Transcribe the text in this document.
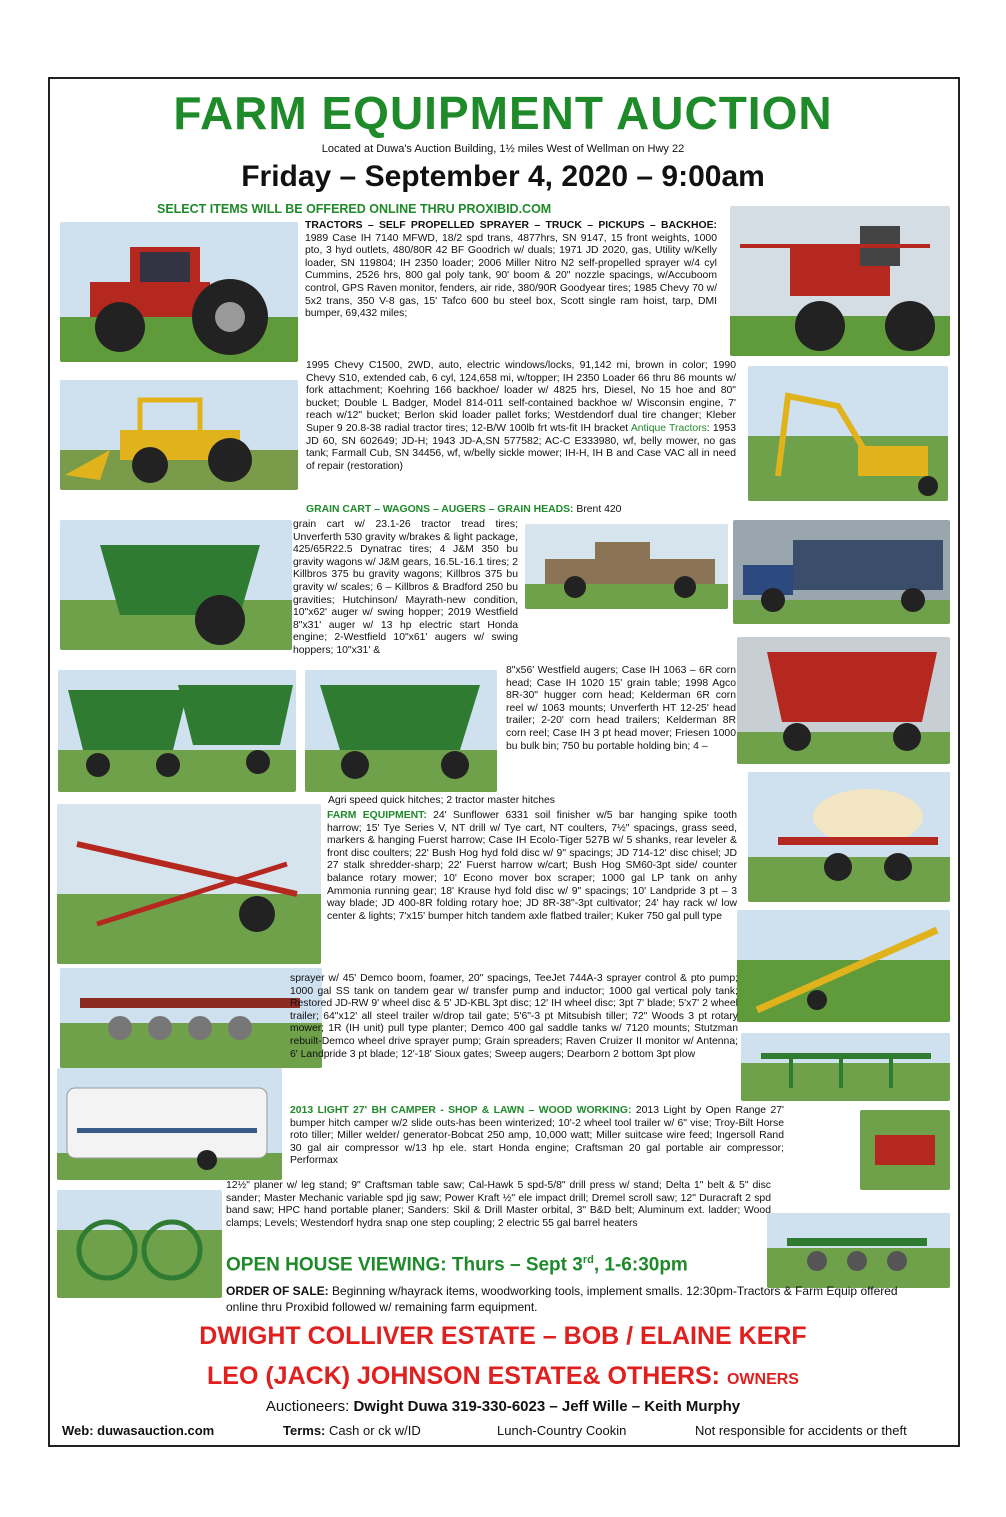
FARM EQUIPMENT AUCTION
Located at Duwa's Auction Building, 1½ miles West of Wellman on Hwy 22
Friday – September 4, 2020 – 9:00am
SELECT ITEMS WILL BE OFFERED ONLINE THRU PROXIBID.COM
TRACTORS – SELF PROPELLED SPRAYER – TRUCK – PICKUPS – BACKHOE: 1989 Case IH 7140 MFWD, 18/2 spd trans, 4877hrs, SN 9147, 15 front weights, 1000 pto, 3 hyd outlets, 480/80R 42 BF Goodrich w/ duals; 1971 JD 2020, gas, Utility w/Kelly loader, SN 119804; IH 2350 loader; 2006 Miller Nitro N2 self-propelled sprayer w/4 cyl Cummins, 2526 hrs, 800 gal poly tank, 90' boom & 20" nozzle spacings, w/Accuboom control, GPS Raven monitor, fenders, air ride, 380/90R Goodyear tires; 1985 Chevy 70 w/ 5x2 trans, 350 V-8 gas, 15' Tafco 600 bu steel box, Scott single ram hoist, tarp, DMI bumper, 69,432 miles;
1995 Chevy C1500, 2WD, auto, electric windows/locks, 91,142 mi, brown in color; 1990 Chevy S10, extended cab, 6 cyl, 124,658 mi, w/topper; IH 2350 Loader 66 thru 86 mounts w/ fork attachment; Koehring 166 backhoe/ loader w/ 4825 hrs, Diesel, No 15 hoe and 80" bucket; Double L Badger, Model 814-011 self-contained backhoe w/ Wisconsin engine, 7' reach w/12" bucket; Berlon skid loader pallet forks; Westdendorf dual tire changer; Kleber Super 9 20.8-38 radial tractor tires; 12-B/W 100lb frt wts-fit IH bracket Antique Tractors: 1953 JD 60, SN 602649; JD-H; 1943 JD-A,SN 577582; AC-C E333980, wf, belly mower, no gas tank; Farmall Cub, SN 34456, wf, w/belly sickle mower; IH-H, IH B and Case VAC all in need of repair (restoration)
GRAIN CART – WAGONS – AUGERS – GRAIN HEADS: Brent 420
grain cart w/ 23.1-26 tractor tread tires; Unverferth 530 gravity w/brakes & light package, 425/65R22.5 Dynatrac tires; 4 J&M 350 bu gravity wagons w/ J&M gears, 16.5L-16.1 tires; 2 Killbros 375 bu gravity wagons; Killbros 375 bu gravity w/ scales; 6 – Killbros & Bradford 250 bu gravities; Hutchinson/ Mayrath-new condition, 10"x62' auger w/ swing hopper; 2019 Westfield 8"x31' auger w/ 13 hp electric start Honda engine; 2-Westfield 10"x61' augers w/ swing hoppers; 10"x31' &
8"x56' Westfield augers; Case IH 1063 – 6R corn head; Case IH 1020 15' grain table; 1998 Agco 8R-30" hugger corn head; Kelderman 6R corn reel w/ 1063 mounts; Unverferth HT 12-25' head trailer; 2-20' corn head trailers; Kelderman 8R corn reel; Case IH 3 pt head mover; Friesen 1000 bu bulk bin; 750 bu portable holding bin; 4 –
Agri speed quick hitches; 2 tractor master hitches
FARM EQUIPMENT: 24' Sunflower 6331 soil finisher w/5 bar hanging spike tooth harrow; 15' Tye Series V, NT drill w/ Tye cart, NT coulters, 7½" spacings, grass seed, markers & hanging Fuerst harrow; Case IH Ecolo-Tiger 527B w/ 5 shanks, rear leveler & front disc coulters; 22' Bush Hog hyd fold disc w/ 9" spacings; JD 714-12' disc chisel; JD 27 stalk shredder-sharp; 22' Fuerst harrow w/cart; Bush Hog SM60-3pt side/ counter balance rotary mower; 10' Econo mover box scraper; 1000 gal LP tank on anhy Ammonia running gear; 18' Krause hyd fold disc w/ 9" spacings; 10' Landpride 3 pt – 3 way blade; JD 400-8R folding rotary hoe; JD 8R-38"-3pt cultivator; 24' hay rack w/ low center & lights; 7'x15' bumper hitch tandem axle flatbed trailer; Kuker 750 gal pull type
sprayer w/ 45' Demco boom, foamer, 20" spacings, TeeJet 744A-3 sprayer control & pto pump; 1000 gal SS tank on tandem gear w/ transfer pump and inductor; 1000 gal vertical poly tank; Restored JD-RW 9' wheel disc & 5' JD-KBL 3pt disc; 12' IH wheel disc; 3pt 7' blade; 5'x7' 2 wheel trailer; 64"x12' all steel trailer w/drop tail gate; 5'6"-3 pt Mitsubish tiller; 72" Woods 3 pt rotary mower; 1R (IH unit) pull type planter; Demco 400 gal saddle tanks w/ 7120 mounts; Stutzman rebuilt-Demco wheel drive sprayer pump; Grain spreaders; Raven Cruizer II monitor w/ Antenna; 6' Landpride 3 pt blade; 12'-18' Sioux gates; Sweep augers; Dearborn 2 bottom 3pt plow
2013 LIGHT 27' BH CAMPER - SHOP & LAWN – WOOD WORKING: 2013 Light by Open Range 27' bumper hitch camper w/2 slide outs-has been winterized; 10'-2 wheel tool trailer w/ 6" vise; Troy-Bilt Horse roto tiller; Miller welder/ generator-Bobcat 250 amp, 10,000 watt; Miller suitcase wire feed; Ingersoll Rand 30 gal air compressor w/13 hp ele. start Honda engine; Craftsman 20 gal portable air compressor; Performax
12½" planer w/ leg stand; 9" Craftsman table saw; Cal-Hawk 5 spd-5/8" drill press w/ stand; Delta 1" belt & 5" disc sander; Master Mechanic variable spd jig saw; Power Kraft ½" ele impact drill; Dremel scroll saw; 12" Duracraft 2 spd band saw; HPC hand portable planer; Sanders: Skil & Drill Master orbital, 3" B&D belt; Aluminum ext. ladder; Wood clamps; Levels; Westendorf hydra snap one step coupling; 2 electric 55 gal barrel heaters
OPEN HOUSE VIEWING: Thurs – Sept 3rd, 1-6:30pm
ORDER OF SALE: Beginning w/hayrack items, woodworking tools, implement smalls. 12:30pm-Tractors & Farm Equip offered online thru Proxibid followed w/ remaining farm equipment.
DWIGHT COLLIVER ESTATE – BOB / ELAINE KERF
LEO (JACK) JOHNSON ESTATE& OTHERS: OWNERS
Auctioneers: Dwight Duwa 319-330-6023 – Jeff Wille – Keith Murphy
Web: duwasauction.com	Terms: Cash or ck w/ID	Lunch-Country Cookin	Not responsible for accidents or theft
